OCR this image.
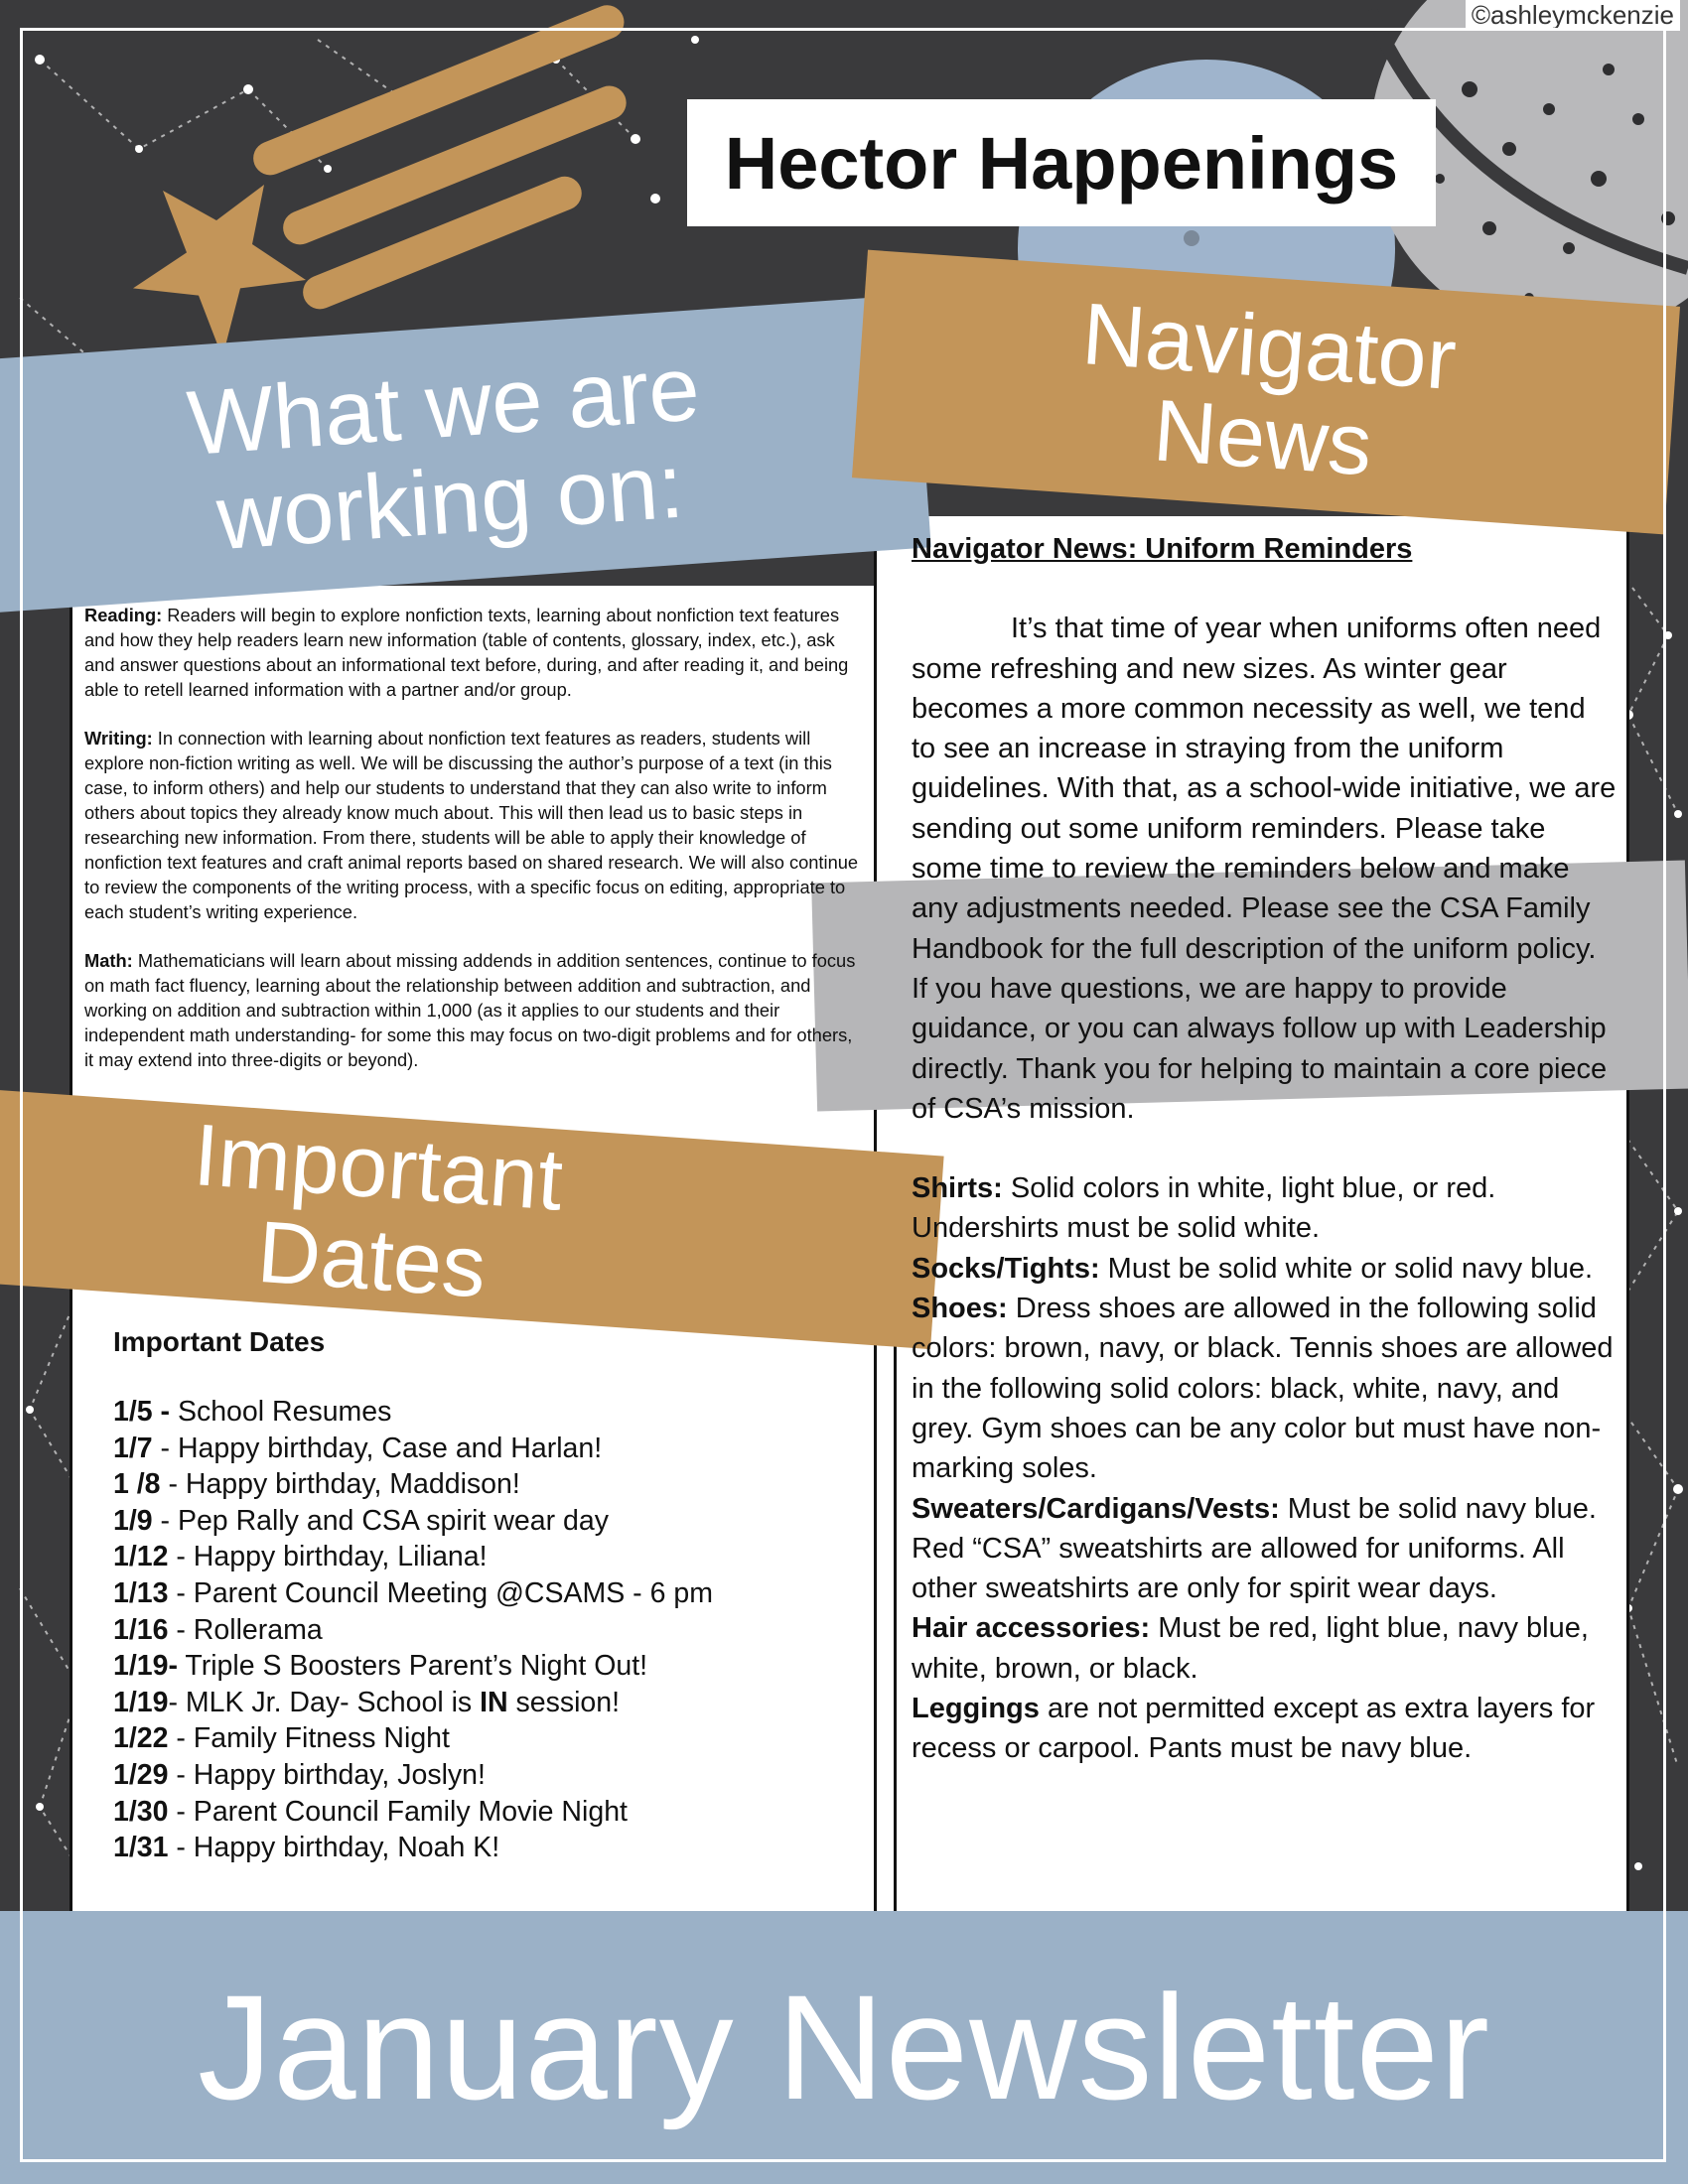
©ashleymckenzie
Hector Happenings
What we are
working on:
Navigator
News

Reading: Readers will begin to explore nonfiction texts, learning about nonfiction text features and how they help readers learn new information (table of contents, glossary, index, etc.), ask and answer questions about an informational text before, during, and after reading it, and being able to retell learned information with a partner and/or group.

Writing: In connection with learning about nonfiction text features as readers, students will explore non-fiction writing as well. We will be discussing the author’s purpose of a text (in this case, to inform others) and help our students to understand that they can also write to inform others about topics they already know much about. This will then lead us to basic steps in researching new information. From there, students will be able to apply their knowledge of nonfiction text features and craft animal reports based on shared research. We will also continue to review the components of the writing process, with a specific focus on editing, appropriate to each student’s writing experience.

Math: Mathematicians will learn about missing addends in addition sentences, continue to focus on math fact fluency, learning about the relationship between addition and subtraction, and working on addition and subtraction within 1,000 (as it applies to our students and their independent math understanding- for some this may focus on two-digit problems and for others, it may extend into three-digits or beyond).

Important
Dates

Navigator News: Uniform Reminders

It’s that time of year when uniforms often need some refreshing and new sizes. As winter gear becomes a more common necessity as well, we tend to see an increase in straying from the uniform guidelines. With that, as a school-wide initiative, we are sending out some uniform reminders. Please take some time to review the reminders below and make any adjustments needed. Please see the CSA Family Handbook for the full description of the uniform policy. If you have questions, we are happy to provide guidance, or you can always follow up with Leadership directly. Thank you for helping to maintain a core piece of CSA’s mission.

Shirts: Solid colors in white, light blue, or red. Undershirts must be solid white.

Socks/Tights: Must be solid white or solid navy blue.

Shoes: Dress shoes are allowed in the following solid colors: brown, navy, or black. Tennis shoes are allowed in the following solid colors: black, white, navy, and grey. Gym shoes can be any color but must have non-marking soles.

Sweaters/Cardigans/Vests: Must be solid navy blue. Red “CSA” sweatshirts are allowed for uniforms. All other sweatshirts are only for spirit wear days.

Hair accessories: Must be red, light blue, navy blue, white, brown, or black.

Leggings are not permitted except as extra layers for recess or carpool. Pants must be navy blue.

Important Dates
1/5 - School Resumes
1/7 - Happy birthday, Case and Harlan!
1 /8 - Happy birthday, Maddison!
1/9 - Pep Rally and CSA spirit wear day
1/12 - Happy birthday, Liliana!
1/13 - Parent Council Meeting @CSAMS - 6 pm
1/16 - Rollerama
1/19- Triple S Boosters Parent’s Night Out!
1/19- MLK Jr. Day- School is IN session!
1/22 - Family Fitness Night
1/29 - Happy birthday, Joslyn!
1/30 - Parent Council Family Movie Night
1/31 - Happy birthday, Noah K!
January Newsletter
